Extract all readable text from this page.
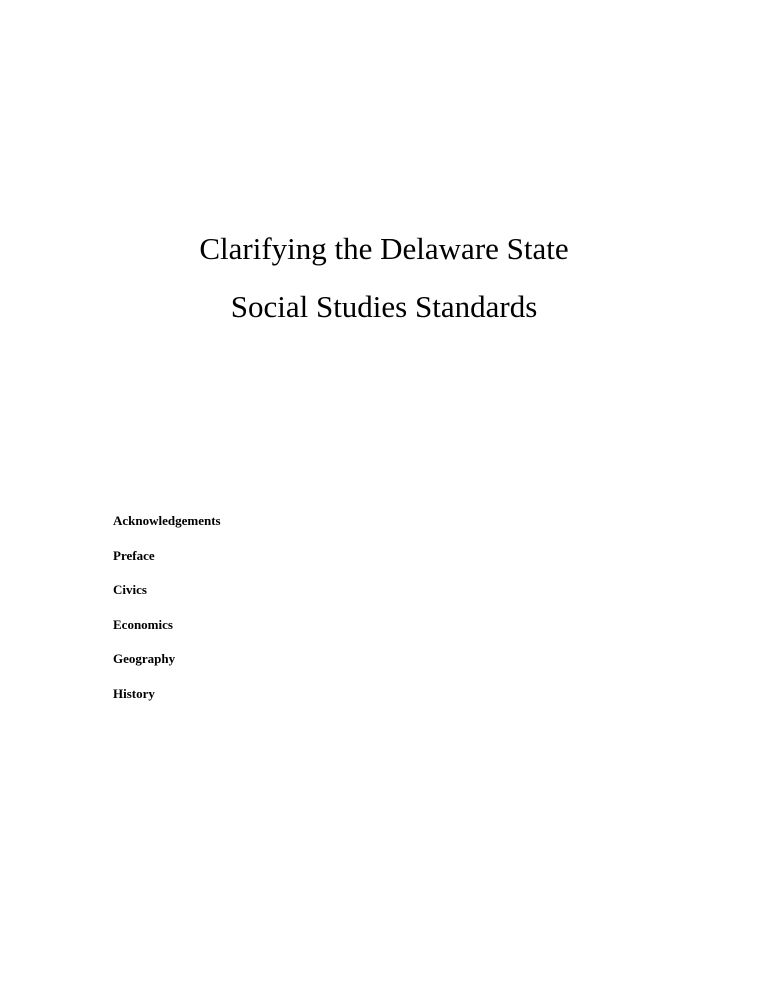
Clarifying the Delaware State
Social Studies Standards
Acknowledgements
Preface
Civics
Economics
Geography
History
